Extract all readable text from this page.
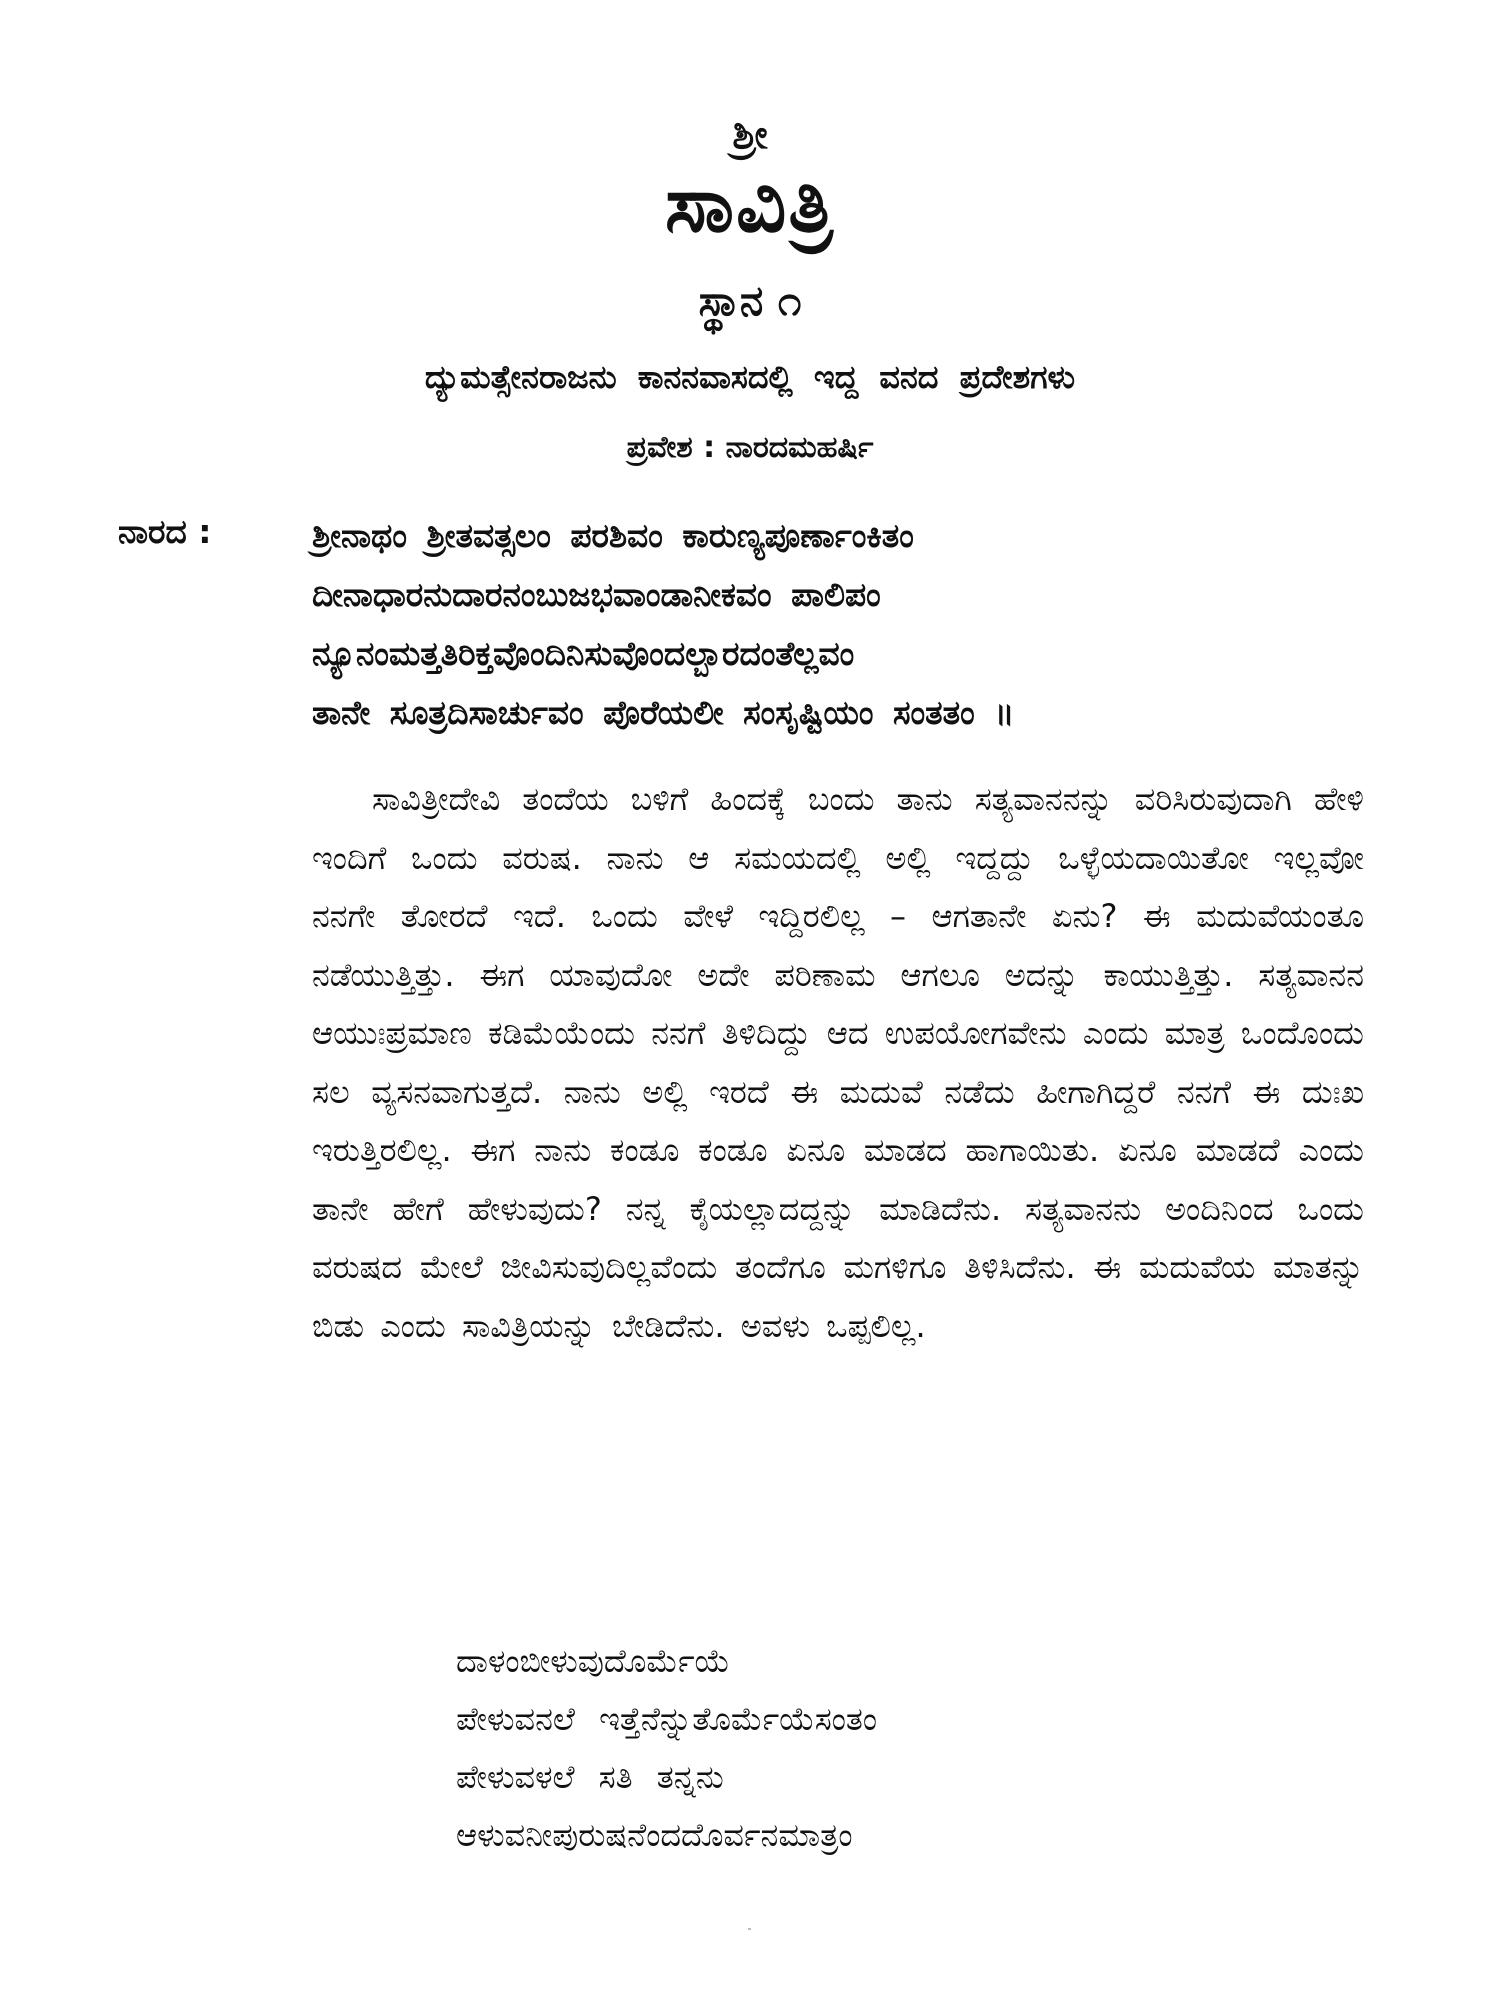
ಶ್ರೀ
ಸಾವಿತ್ರಿ
ಸ್ಥಾನ ೧
ದ್ಯುಮತ್ಸೇನರಾಜನು ಕಾನನವಾಸದಲ್ಲಿ ಇದ್ದ ವನದ ಪ್ರದೇಶಗಳು
ಪ್ರವೇಶ : ನಾರದಮಹರ್ಷಿ
ನಾರದ :	ಶ್ರೀನಾಥಂ ಶ್ರೀತವತ್ಸಲಂ ಪರಶಿವಂ ಕಾರುಣ್ಯಪೂರ್ಣಾಂಕಿತಂ
ದೀನಾಧಾರನುದಾರನಂಬುಜಭವಾಂಡಾನೀಕವಂ ಪಾಲಿಪಂ
ನ್ಯೂನಂಮತ್ತತಿರಿಕ್ತವೊಂದಿನಿಸುವೊಂದಲ್ಬಾರದಂತೆಲ್ಲವಂ
ತಾನೇ ಸೂತ್ರದಿಸಾರ್ಚುವಂ ಪೊರೆಯಲೀ ಸಂಸೃಷ್ಟಿಯಂ ಸಂತತಂ ॥
ಸಾವಿತ್ರೀದೇವಿ ತಂದೆಯ ಬಳಿಗೆ ಹಿಂದಕ್ಕೆ ಬಂದು ತಾನು ಸತ್ಯವಾನನನ್ನು ವರಿಸಿರುವುದಾಗಿ ಹೇಳಿ ಇಂದಿಗೆ ಒಂದು ವರುಷ. ನಾನು ಆ ಸಮಯದಲ್ಲಿ ಅಲ್ಲಿ ಇದ್ದದ್ದು ಒಳ್ಳೆಯದಾಯಿತೋ ಇಲ್ಲವೋ ನನಗೇ ತೋರದೆ ಇದೆ. ಒಂದು ವೇಳೆ ಇದ್ದಿರಲಿಲ್ಲ – ಆಗತಾನೇ ಏನು? ಈ ಮದುವೆಯಂತೂ ನಡೆಯುತ್ತಿತ್ತು. ಈಗ ಯಾವುದೋ ಅದೇ ಪರಿಣಾಮ ಆಗಲೂ ಅದನ್ನು ಕಾಯುತ್ತಿತ್ತು. ಸತ್ಯವಾನನ ಆಯುಃಪ್ರಮಾಣ ಕಡಿಮೆಯೆಂದು ನನಗೆ ತಿಳಿದಿದ್ದು ಆದ ಉಪಯೋಗವೇನು ಎಂದು ಮಾತ್ರ ಒಂದೊಂದು ಸಲ ವ್ಯಸನವಾಗುತ್ತದೆ. ನಾನು ಅಲ್ಲಿ ಇರದೆ ಈ ಮದುವೆ ನಡೆದು ಹೀಗಾಗಿದ್ದರೆ ನನಗೆ ಈ ದುಃಖ ಇರುತ್ತಿರಲಿಲ್ಲ. ಈಗ ನಾನು ಕಂಡೂ ಕಂಡೂ ಏನೂ ಮಾಡದ ಹಾಗಾಯಿತು. ಏನೂ ಮಾಡದೆ ಎಂದು ತಾನೇ ಹೇಗೆ ಹೇಳುವುದು? ನನ್ನ ಕೈಯಲ್ಲಾದದ್ದನ್ನು ಮಾಡಿದೆನು. ಸತ್ಯವಾನನು ಅಂದಿನಿಂದ ಒಂದು ವರುಷದ ಮೇಲೆ ಜೀವಿಸುವುದಿಲ್ಲವೆಂದು ತಂದೆಗೂ ಮಗಳಿಗೂ ತಿಳಿಸಿದೆನು. ಈ ಮದುವೆಯ ಮಾತನ್ನು ಬಿಡು ಎಂದು ಸಾವಿತ್ರಿಯನ್ನು ಬೇಡಿದೆನು. ಅವಳು ಒಪ್ಪಲಿಲ್ಲ.
ದಾಳಂಬೀಳುವುದೊರ್ಮೆಯೆ
ಪೇಳುವನಲೆ ಇತ್ತೆನೆನ್ನುತೊರ್ಮೆಯೆಸಂತಂ
ಪೇಳುವಳಲೆ ಸತಿ ತನ್ನನು
ಆಳುವನೀಪುರುಷನೆಂದದೊರ್ವನಮಾತ್ರಂ
